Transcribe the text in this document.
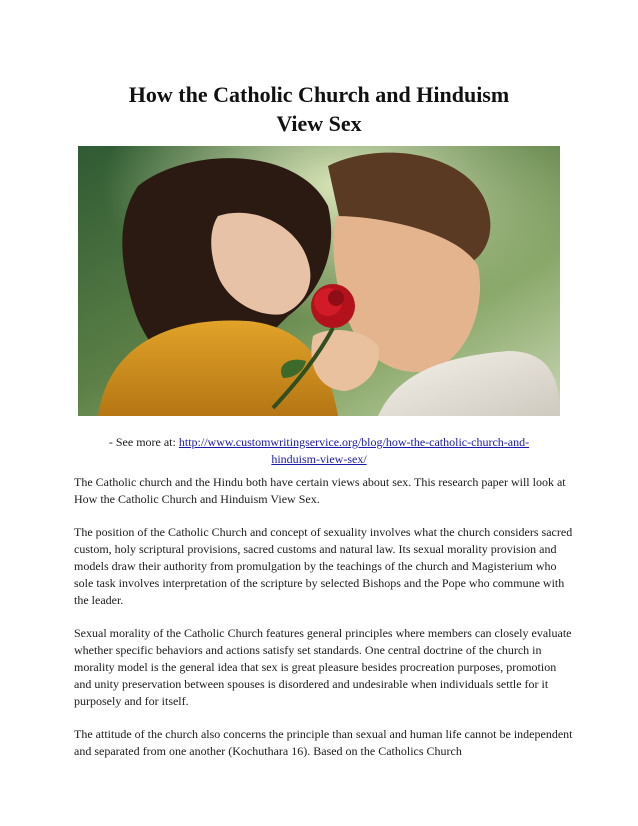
How the Catholic Church and Hinduism
View Sex
- See more at: http://www.customwritingservice.org/blog/how-the-catholic-church-and-
hinduism-view-sex/

The Catholic church and the Hindu both have certain views about sex. This research paper will look at How the Catholic Church and Hinduism View Sex.

The position of the Catholic Church and concept of sexuality involves what the church considers sacred custom, holy scriptural provisions, sacred customs and natural law. Its sexual morality provision and models draw their authority from promulgation by the teachings of the church and Magisterium who sole task involves interpretation of the scripture by selected Bishops and the Pope who commune with the leader.

Sexual morality of the Catholic Church features general principles where members can closely evaluate whether specific behaviors and actions satisfy set standards. One central doctrine of the church in morality model is the general idea that sex is great pleasure besides procreation purposes, promotion and unity preservation between spouses is disordered and undesirable when individuals settle for it purposely and for itself.

The attitude of the church also concerns the principle than sexual and human life cannot be independent and separated from one another (Kochuthara 16). Based on the Catholics Church
